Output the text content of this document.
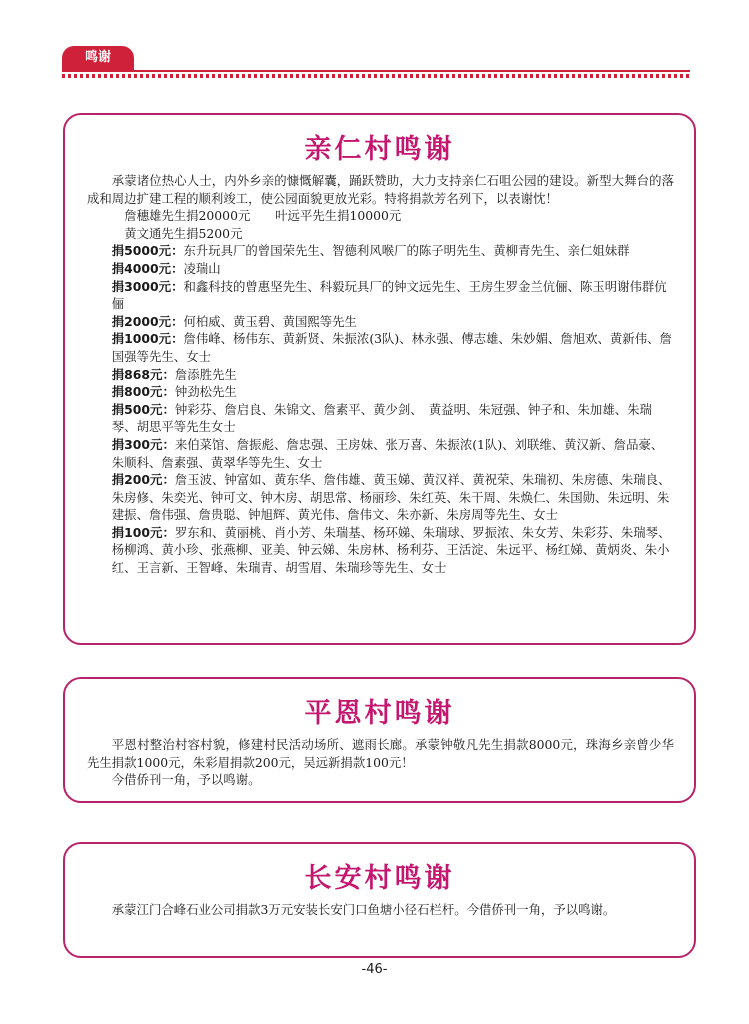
鸣谢
亲仁村鸣谢

承蒙诸位热心人士，内外乡亲的慷慨解囊，踊跃赞助，大力支持亲仁石咀公园的建设。新型大舞台的落成和周边扩建工程的顺利竣工，使公园面貌更放光彩。特将捐款芳名列下，以表谢忱！

詹穗雄先生捐20000元　　叶远平先生捐10000元

黄文通先生捐5200元

捐5000元：东升玩具厂的曾国荣先生、智德利风喉厂的陈子明先生、黄柳青先生、亲仁姐妹群

捐4000元：凌瑞山

捐3000元：和鑫科技的曾惠坚先生、科毅玩具厂的钟文远先生、王房生罗金兰伉俪、陈玉明谢伟群伉俪

捐2000元：何柏威、黄玉碧、黄国熙等先生

捐1000元：詹伟峰、杨伟东、黄新贤、朱振浓(3队)、林永强、傅志雄、朱妙媚、詹旭欢、黄新伟、詹国强等先生、女士

捐868元：詹添胜先生

捐800元：钟劲松先生

捐500元：钟彩芬、詹启良、朱锦文、詹素平、黄少剑、　黄益明、朱冠强、钟子和、朱加雄、朱瑞琴、胡思平等先生女士

捐300元：来伯菜馆、詹振彪、詹忠强、王房妹、张万喜、朱振浓(1队)、刘联维、黄汉新、詹品豪、朱顺科、詹素强、黄翠华等先生、女士

捐200元：詹玉波、钟富如、黄东华、詹伟雄、黄玉娣、黄汉祥、黄祝荣、朱瑞初、朱房德、朱瑞良、朱房修、朱奕光、钟可文、钟木房、胡思常、杨丽珍、朱红英、朱干周、朱焕仁、朱国勋、朱远明、朱建振、詹伟强、詹贵聪、钟旭辉、黄光伟、詹伟文、朱亦新、朱房周等先生、女士

捐100元：罗东和、黄丽桃、肖小芳、朱瑞基、杨环娣、朱瑞球、罗振浓、朱女芳、朱彩芬、朱瑞琴、杨柳鸿、黄小珍、张燕柳、亚美、钟云娣、朱房林、杨利芬、王活淀、朱远平、杨红娣、黄炳炎、朱小红、王言新、王智峰、朱瑞青、胡雪眉、朱瑞珍等先生、女士

平恩村鸣谢

平恩村整治村容村貌，修建村民活动场所、遮雨长廊。承蒙钟敬凡先生捐款8000元，珠海乡亲曾少华先生捐款1000元，朱彩眉捐款200元，吴远新捐款100元！

今借侨刊一角，予以鸣谢。

长安村鸣谢

承蒙江门合峰石业公司捐款3万元安装长安门口鱼塘小径石栏杆。今借侨刊一角，予以鸣谢。

-46-
